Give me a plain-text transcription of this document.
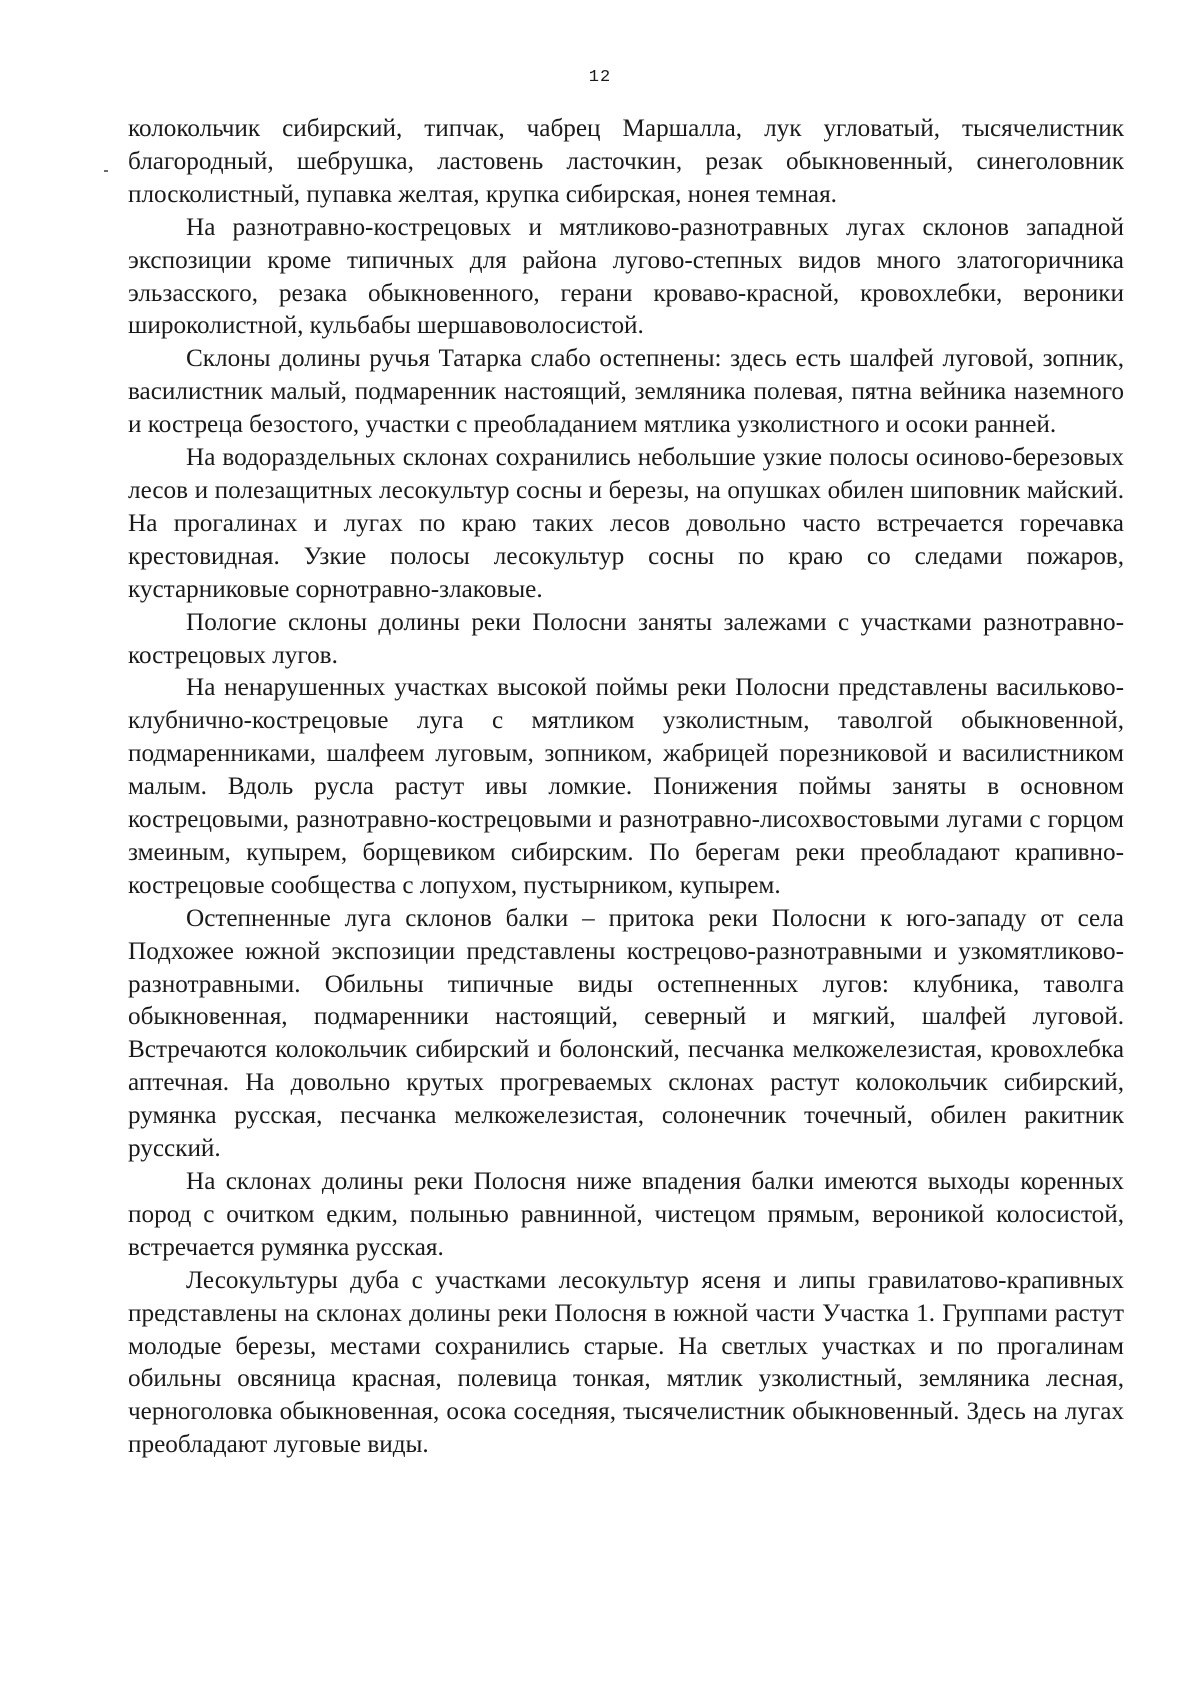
12

колокольчик сибирский, типчак, чабрец Маршалла, лук угловатый, тысячелистник благородный, шебрушка, ластовень ласточкин, резак обыкновенный, синеголовник плосколистный, пупавка желтая, крупка сибирская, нонея темная.

На разнотравно-кострецовых и мятликово-разнотравных лугах склонов западной экспозиции кроме типичных для района лугово-степных видов много златогоричника эльзасского, резака обыкновенного, герани кроваво-красной, кровохлебки, вероники широколистной, кульбабы шершавоволосистой.

Склоны долины ручья Татарка слабо остепнены: здесь есть шалфей луговой, зопник, василистник малый, подмаренник настоящий, земляника полевая, пятна вейника наземного и костреца безостого, участки с преобладанием мятлика узколистного и осоки ранней.

На водораздельных склонах сохранились небольшие узкие полосы осиново-березовых лесов и полезащитных лесокультур сосны и березы, на опушках обилен шиповник майский. На прогалинах и лугах по краю таких лесов довольно часто встречается горечавка крестовидная. Узкие полосы лесокультур сосны по краю со следами пожаров, кустарниковые сорнотравно-злаковые.

Пологие склоны долины реки Полосни заняты залежами с участками разнотравно-кострецовых лугов.

На ненарушенных участках высокой поймы реки Полосни представлены васильково-клубнично-кострецовые луга с мятликом узколистным, таволгой обыкновенной, подмаренниками, шалфеем луговым, зопником, жабрицей порезниковой и василистником малым. Вдоль русла растут ивы ломкие. Понижения поймы заняты в основном кострецовыми, разнотравно-кострецовыми и разнотравно-лисохвостовыми лугами с горцом змеиным, купырем, борщевиком сибирским. По берегам реки преобладают крапивно-кострецовые сообщества с лопухом, пустырником, купырем.

Остепненные луга склонов балки – притока реки Полосни к юго-западу от села Подхожее южной экспозиции представлены кострецово-разнотравными и узкомятликово-разнотравными. Обильны типичные виды остепненных лугов: клубника, таволга обыкновенная, подмаренники настоящий, северный и мягкий, шалфей луговой. Встречаются колокольчик сибирский и болонский, песчанка мелкожелезистая, кровохлебка аптечная. На довольно крутых прогреваемых склонах растут колокольчик сибирский, румянка русская, песчанка мелкожелезистая, солонечник точечный, обилен ракитник русский.

На склонах долины реки Полосня ниже впадения балки имеются выходы коренных пород с очитком едким, полынью равнинной, чистецом прямым, вероникой колосистой, встречается румянка русская.

Лесокультуры дуба с участками лесокультур ясеня и липы гравилатово-крапивных представлены на склонах долины реки Полосня в южной части Участка 1. Группами растут молодые березы, местами сохранились старые. На светлых участках и по прогалинам обильны овсяница красная, полевица тонкая, мятлик узколистный, земляника лесная, черноголовка обыкновенная, осока соседняя, тысячелистник обыкновенный. Здесь на лугах преобладают луговые виды.
